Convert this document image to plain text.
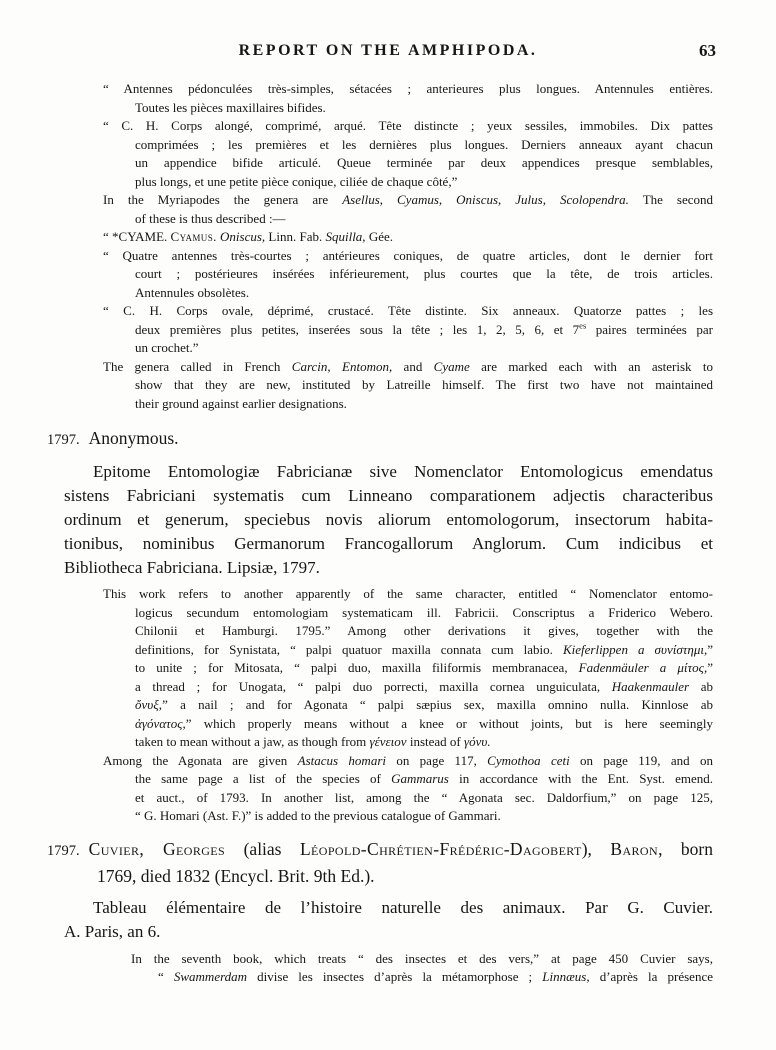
REPORT ON THE AMPHIPODA.	63
“ Antennes pédonculées très-simples, sétacées ; anterieures plus longues. Antennules entières.
Toutes les pièces maxillaires bifides.
“ C. H. Corps alongé, comprimé, arqué. Tête distincte ; yeux sessiles, immobiles. Dix pattes
comprimées ; les premières et les dernières plus longues. Derniers anneaux ayant chacun
un appendice bifide articulé. Queue terminée par deux appendices presque semblables,
plus longs, et une petite pièce conique, ciliée de chaque côté,”
In the Myriapodes the genera are Asellus, Cyamus, Oniscus, Julus, Scolopendra. The second
of these is thus described :—
“ *CYAME. Cyamus. Oniscus, Linn. Fab. Squilla, Gée.
“ Quatre antennes très-courtes ; antérieures coniques, de quatre articles, dont le dernier fort
court ; postérieures insérées inférieurement, plus courtes que la tête, de trois articles.
Antennules obsolètes.
“ C. H. Corps ovale, déprimé, crustacé. Tête distinte. Six anneaux. Quatorze pattes ; les
deux premières plus petites, inserées sous la tête ; les 1, 2, 5, 6, et $7^{es}$ paires terminées par
un crochet.”
The genera called in French Carcin, Entomon, and Cyame are marked each with an asterisk to
show that they are new, instituted by Latreille himself. The first two have not maintained
their ground against earlier designations.
1797. Anonymous.
Epitome Entomologiæ Fabricianæ sive Nomenclator Entomologicus emendatus
sistens Fabriciani systematis cum Linneano comparationem adjectis characteribus
ordinum et generum, speciebus novis aliorum entomologorum, insectorum habita-
tionibus, nominibus Germanorum Francogallorum Anglorum. Cum indicibus et
Bibliotheca Fabriciana. Lipsiæ, 1797.
This work refers to another apparently of the same character, entitled “ Nomenclator entomo-
logicus secundum entomologiam systematicam ill. Fabricii. Conscriptus a Friderico Webero.
Chilonii et Hamburgi. 1795.” Among other derivations it gives, together with the
definitions, for Synistata, “ palpi quatuor maxilla connata cum labio. Kieferlippen a συνίστημι,”
to unite ; for Mitosata, “ palpi duo, maxilla filiformis membranacea, Fadenmäuler a μίτος,”
a thread ; for Unogata, “ palpi duo porrecti, maxilla cornea unguiculata, Haakenmauler ab
ὄνυξ,” a nail ; and for Agonata “ palpi sæpius sex, maxilla omnino nulla. Kinnlose ab
ἀγόνατος,” which properly means without a knee or without joints, but is here seemingly
taken to mean without a jaw, as though from γένειον instead of γόνυ.
Among the Agonata are given Astacus homari on page 117, Cymothoa ceti on page 119, and on
the same page a list of the species of Gammarus in accordance with the Ent. Syst. emend.
et auct., of 1793. In another list, among the “ Agonata sec. Daldorfium,” on page 125,
“ G. Homari (Ast. F.)” is added to the previous catalogue of Gammari.
1797. Cuvier, Georges (alias Léopold-Chrétien-Frédéric-Dagobert), Baron, born
1769, died 1832 (Encycl. Brit. 9th Ed.).
Tableau élémentaire de l’histoire naturelle des animaux. Par G. Cuvier.
A. Paris, an 6.
In the seventh book, which treats “ des insectes et des vers,” at page 450 Cuvier says,
“ Swammerdam divise les insectes d’après la métamorphose ; Linnæus, d’après la présence
